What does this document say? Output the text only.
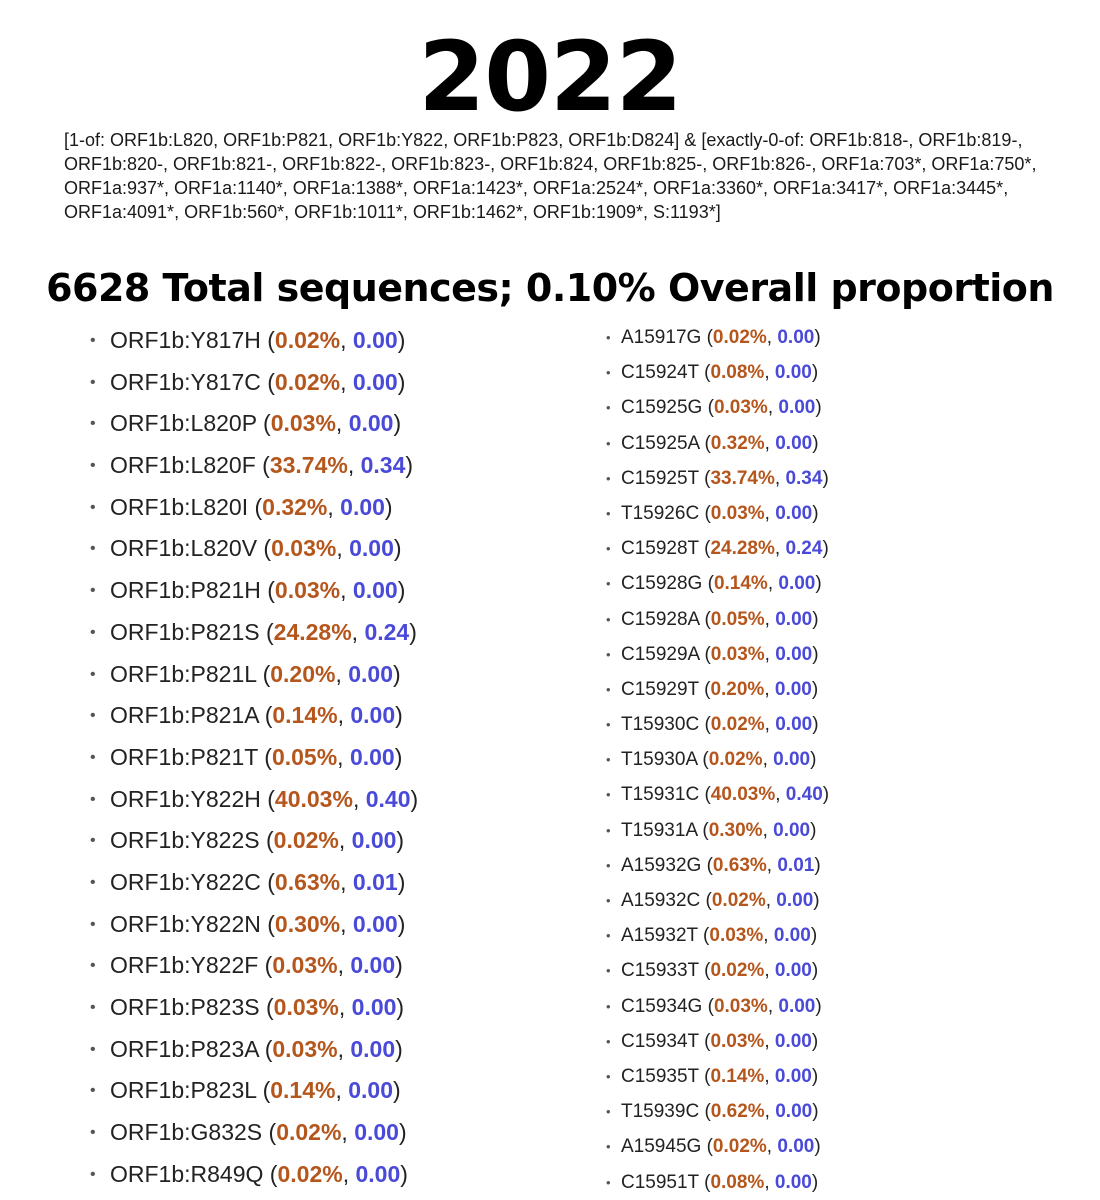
2022
[1-of: ORF1b:L820, ORF1b:P821, ORF1b:Y822, ORF1b:P823, ORF1b:D824] & [exactly-0-of: ORF1b:818-, ORF1b:819-, ORF1b:820-, ORF1b:821-, ORF1b:822-, ORF1b:823-, ORF1b:824, ORF1b:825-, ORF1b:826-, ORF1a:703*, ORF1a:750*, ORF1a:937*, ORF1a:1140*, ORF1a:1388*, ORF1a:1423*, ORF1a:2524*, ORF1a:3360*, ORF1a:3417*, ORF1a:3445*, ORF1a:4091*, ORF1b:560*, ORF1b:1011*, ORF1b:1462*, ORF1b:1909*, S:1193*]
6628 Total sequences; 0.10% Overall proportion
• ORF1b:Y817H (0.02%, 0.00)
• ORF1b:Y817C (0.02%, 0.00)
• ORF1b:L820P (0.03%, 0.00)
• ORF1b:L820F (33.74%, 0.34)
• ORF1b:L820I (0.32%, 0.00)
• ORF1b:L820V (0.03%, 0.00)
• ORF1b:P821H (0.03%, 0.00)
• ORF1b:P821S (24.28%, 0.24)
• ORF1b:P821L (0.20%, 0.00)
• ORF1b:P821A (0.14%, 0.00)
• ORF1b:P821T (0.05%, 0.00)
• ORF1b:Y822H (40.03%, 0.40)
• ORF1b:Y822S (0.02%, 0.00)
• ORF1b:Y822C (0.63%, 0.01)
• ORF1b:Y822N (0.30%, 0.00)
• ORF1b:Y822F (0.03%, 0.00)
• ORF1b:P823S (0.03%, 0.00)
• ORF1b:P823A (0.03%, 0.00)
• ORF1b:P823L (0.14%, 0.00)
• ORF1b:G832S (0.02%, 0.00)
• ORF1b:R849Q (0.02%, 0.00)
• A15917G (0.02%, 0.00)
• C15924T (0.08%, 0.00)
• C15925G (0.03%, 0.00)
• C15925A (0.32%, 0.00)
• C15925T (33.74%, 0.34)
• T15926C (0.03%, 0.00)
• C15928T (24.28%, 0.24)
• C15928G (0.14%, 0.00)
• C15928A (0.05%, 0.00)
• C15929A (0.03%, 0.00)
• C15929T (0.20%, 0.00)
• T15930C (0.02%, 0.00)
• T15930A (0.02%, 0.00)
• T15931C (40.03%, 0.40)
• T15931A (0.30%, 0.00)
• A15932G (0.63%, 0.01)
• A15932C (0.02%, 0.00)
• A15932T (0.03%, 0.00)
• C15933T (0.02%, 0.00)
• C15934G (0.03%, 0.00)
• C15934T (0.03%, 0.00)
• C15935T (0.14%, 0.00)
• T15939C (0.62%, 0.00)
• A15945G (0.02%, 0.00)
• C15951T (0.08%, 0.00)
